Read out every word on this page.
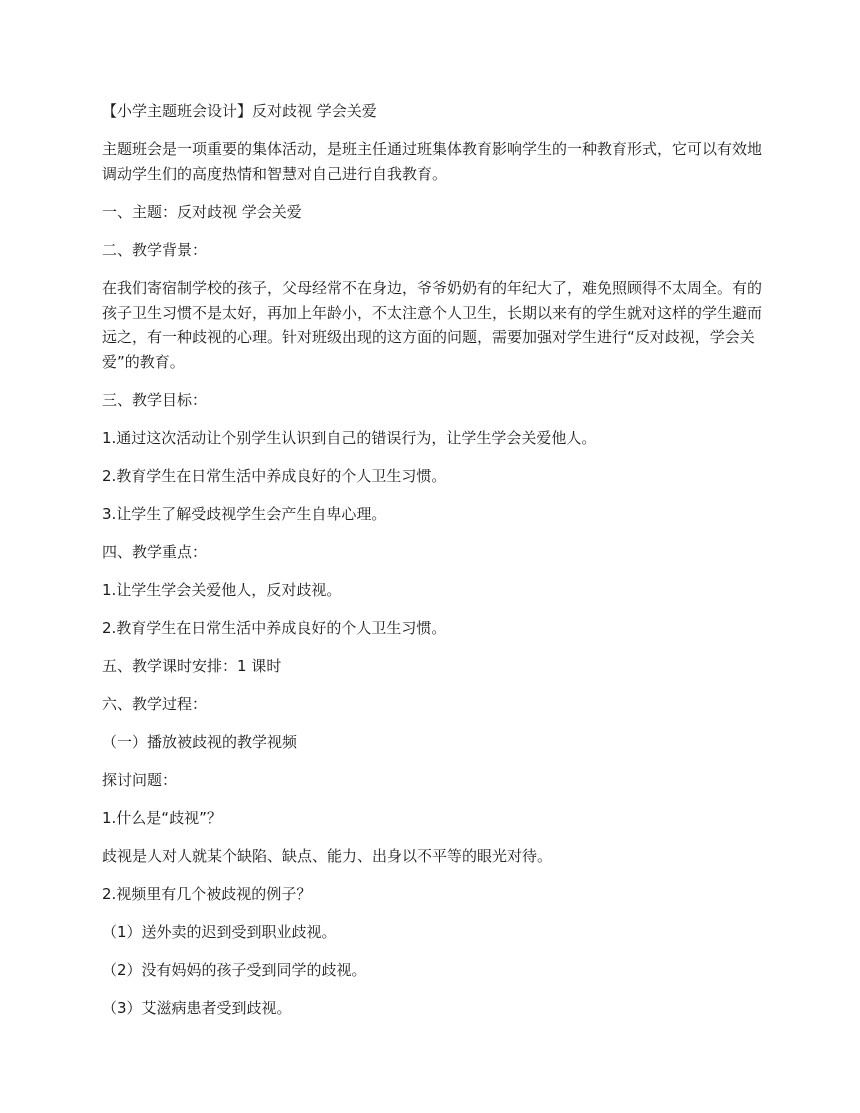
【小学主题班会设计】反对歧视 学会关爱

主题班会是一项重要的集体活动，是班主任通过班集体教育影响学生的一种教育形式，它可以有效地调动学生们的高度热情和智慧对自己进行自我教育。

一、主题：反对歧视 学会关爱

二、教学背景：

在我们寄宿制学校的孩子，父母经常不在身边，爷爷奶奶有的年纪大了，难免照顾得不太周全。有的孩子卫生习惯不是太好，再加上年龄小，不太注意个人卫生，长期以来有的学生就对这样的学生避而远之，有一种歧视的心理。针对班级出现的这方面的问题，需要加强对学生进行“反对歧视，学会关爱”的教育。

三、教学目标：

1.通过这次活动让个别学生认识到自己的错误行为，让学生学会关爱他人。

2.教育学生在日常生活中养成良好的个人卫生习惯。

3.让学生了解受歧视学生会产生自卑心理。

四、教学重点：

1.让学生学会关爱他人，反对歧视。

2.教育学生在日常生活中养成良好的个人卫生习惯。

五、教学课时安排：1 课时

六、教学过程：

（一）播放被歧视的教学视频

探讨问题：

1.什么是“歧视”？

歧视是人对人就某个缺陷、缺点、能力、出身以不平等的眼光对待。

2.视频里有几个被歧视的例子？

（1）送外卖的迟到受到职业歧视。

（2）没有妈妈的孩子受到同学的歧视。

（3）艾滋病患者受到歧视。
